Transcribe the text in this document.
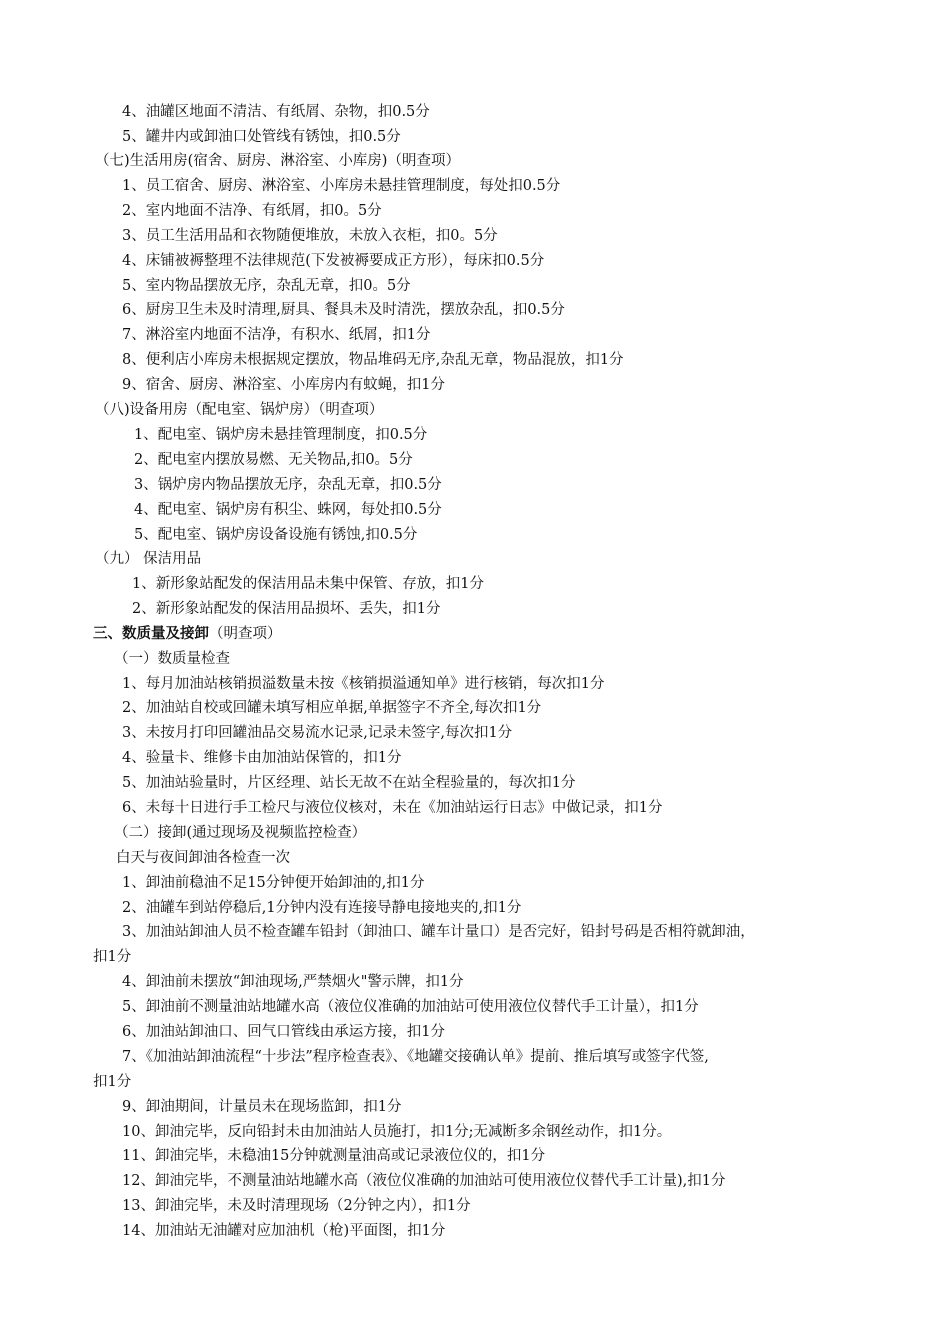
4、油罐区地面不清洁、有纸屑、杂物，扣0.5分
5、罐井内或卸油口处管线有锈蚀，扣0.5分
（七)生活用房(宿舍、厨房、淋浴室、小库房)（明查项）
1、员工宿舍、厨房、淋浴室、小库房未悬挂管理制度，每处扣0.5分
2、室内地面不洁净、有纸屑，扣0。5分
3、员工生活用品和衣物随便堆放，未放入衣柜，扣0。5分
4、床铺被褥整理不法律规范(下发被褥要成正方形），每床扣0.5分
5、室内物品摆放无序，杂乱无章，扣0。5分
6、厨房卫生未及时清理,厨具、餐具未及时清洗，摆放杂乱，扣0.5分
7、淋浴室内地面不洁净，有积水、纸屑，扣1分
8、便利店小库房未根据规定摆放，物品堆码无序,杂乱无章，物品混放，扣1分
9、宿舍、厨房、淋浴室、小库房内有蚊蝇，扣1分
（八)设备用房（配电室、锅炉房）（明查项）
1、配电室、锅炉房未悬挂管理制度，扣0.5分
2、配电室内摆放易燃、无关物品,扣0。5分
3、锅炉房内物品摆放无序，杂乱无章，扣0.5分
4、配电室、锅炉房有积尘、蛛网，每处扣0.5分
5、配电室、锅炉房设备设施有锈蚀,扣0.5分
（九） 保洁用品
1、新形象站配发的保洁用品未集中保管、存放，扣1分
2、新形象站配发的保洁用品损坏、丢失，扣1分
三、数质量及接卸（明查项）
（一）数质量检查
1、每月加油站核销损溢数量未按《核销损溢通知单》进行核销，每次扣1分
2、加油站自校或回罐未填写相应单据,单据签字不齐全,每次扣1分
3、未按月打印回罐油品交易流水记录,记录未签字,每次扣1分
4、验量卡、维修卡由加油站保管的，扣1分
5、加油站验量时，片区经理、站长无故不在站全程验量的，每次扣1分
6、未每十日进行手工检尺与液位仪核对，未在《加油站运行日志》中做记录，扣1分
（二）接卸(通过现场及视频监控检查）
白天与夜间卸油各检查一次
1、卸油前稳油不足15分钟便开始卸油的,扣1分
2、油罐车到站停稳后,1分钟内没有连接导静电接地夹的,扣1分
3、加油站卸油人员不检查罐车铅封（卸油口、罐车计量口）是否完好，铅封号码是否相符就卸油，
扣1分
4、卸油前未摆放“卸油现场,严禁烟火"警示牌，扣1分
5、卸油前不测量油站地罐水高（液位仪准确的加油站可使用液位仪替代手工计量），扣1分
6、加油站卸油口、回气口管线由承运方接，扣1分
7、《加油站卸油流程“十步法”程序检查表》、《地罐交接确认单》提前、推后填写或签字代签,
扣1分
9、卸油期间，计量员未在现场监卸，扣1分
10、卸油完毕，反向铅封未由加油站人员施打，扣1分;无减断多余钢丝动作，扣1分。
11、卸油完毕，未稳油15分钟就测量油高或记录液位仪的，扣1分
12、卸油完毕，不测量油站地罐水高（液位仪准确的加油站可使用液位仪替代手工计量),扣1分
13、卸油完毕，未及时清理现场（2分钟之内），扣1分
14、加油站无油罐对应加油机（枪)平面图，扣1分
